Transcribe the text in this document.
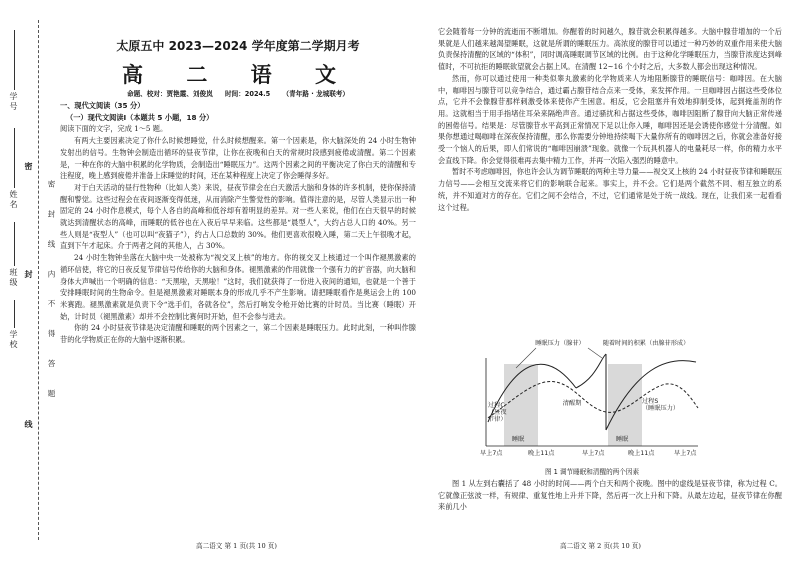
学校
班级
姓名
学号
密
封
线
密 封 线 内 不 得 答 题
太原五中 2023—2024 学年度第二学期月考
高 二 语 文
命题、校对：贾艳霞、刘俊岚 时间：2024.5 （青年路 · 龙城联考）
一、现代文阅读（35 分）
（一）现代文阅读Ⅰ（本题共 5 小题，18 分）

阅读下面的文字，完成 1～5 题。

有两大主要因素决定了你什么时候想睡觉，什么时候想醒来。第一个因素是，你大脑深处的 24 小时生物钟发射出的信号。生物钟会制造出循环的昼夜节律，让你在夜晚和白天的常规时段感到疲倦或清醒。第二个因素是，一种在你的大脑中积累的化学物质，会制造出“睡眠压力”。这两个因素之间的平衡决定了你白天的清醒和专注程度，晚上感到疲倦并准备上床睡觉的时间，还在某种程度上决定了你会睡得多好。

对于白天活动的昼行性物种（比如人类）来说，昼夜节律会在白天激活大脑和身体的许多机制，使你保持清醒和警觉。这些过程会在夜间逐渐变得低迷，从而消除产生警觉性的影响。值得注意的是，尽管人类显示出一种固定的 24 小时作息模式，每个人各自的高峰和低谷却有着明显的差异。对一些人来说，他们在白天很早的时候就达到清醒状态的高峰，而睡眠的低谷也在入夜后早早来临。这些都是“晨型人”，大约占总人口的 40%。另一些人则是“夜型人”（也可以叫“夜猫子”），约占人口总数的 30%。他们更喜欢很晚入睡，第二天上午很晚才起，直到下午才起床。介于两者之间的其他人，占 30%。

24 小时生物钟坐落在大脑中央一处被称为“视交叉上核”的地方。你的视交叉上核通过一个叫作褪黑激素的循环信使，将它的日夜反复节律信号传给你的大脑和身体。褪黑激素的作用就像一个强有力的扩音器，向大脑和身体大声喊出一个明确的信息：“天黑啦，天黑啦！”这时，我们就获得了一份进入夜间的通知，也就是一个善于安排睡眠时间的生物命令。但是褪黑激素对睡眠本身的形成几乎不产生影响。请把睡眠看作是奥运会上的 100 米赛跑。褪黑激素就是负责下令“选手们，各就各位”，然后打响发令枪开始比赛的计时员。当比赛（睡眠）开始，计时员（褪黑激素）却并不会控制比赛何时开始，但不会参与进去。

你的 24 小时昼夜节律是决定清醒和睡眠的两个因素之一，第二个因素是睡眠压力。此时此刻，一种叫作腺苷的化学物质正在你的大脑中逐渐积累。

它会随着每一分钟的流逝而不断增加。你醒着的时间越久，腺苷就会积累得越多。大脑中腺苷增加的一个后果就是人们越来越渴望睡眠，这就是所谓的睡眠压力。高浓度的腺苷可以通过一种巧妙的双重作用来使大脑负责保持清醒的区域的“体积”，同时调高睡眠调节区域的比例。由于这种化学睡眠压力，当腺苷浓度达到峰值时，不可抗拒的睡眠欲望就会占据上风。在清醒 12~16 个小时之后，大多数人都会出现这种情况。

然而，你可以通过使用一种类似睾丸激素的化学物质来人为地阻断腺苷的睡眠信号：咖啡因。在大脑中，咖啡因与腺苷可以竞争结合，通过霸占腺苷结合点来一受体，来发挥作用。一旦咖啡因占据这些受体位点，它并不会像腺苷那样刺激受体来使你产生困意。相反，它会阻塞并有效地抑制受体，起到掩盖剂的作用。这就相当于用手指堵住耳朵来隔绝声音。通过骚扰和占据这些受体，咖啡因阻断了腺苷向大脑正常传递的困倦信号。结果是：尽管腺苷水平高到正常情况下足以让你入睡，咖啡因还是会诱使你感觉十分清醒。如果你想通过喝咖啡在深夜保持清醒，那么你需要分钟地持续喝下大量你所有的咖啡因之后，你就会准备好接受一个恼人的后果，即人们常说的“咖啡因崩溃”现象。就像一个玩具机器人的电量耗尽一样，你的精力水平会直线下降。你会觉得很难再去集中精力工作，并再一次陷入强烈的睡意中。

暂时不考虑咖啡因，你也许会认为调节睡眠的两种主导力量——视交叉上核的 24 小时昼夜节律和睡眠压力信号——会相互交流来将它们的影响联合起来。事实上，并不会。它们是两个截然不同、相互独立的系统，并不知道对方的存在。它们之间不会结合，不过，它们通常是处于统一战线。现在，让我们来一起看看这个过程。

睡眠压力（腺苷）	随着时间的积累（由腺苷形成）
过程C
（昼夜节律）
清醒期	过程S
（睡眠压力）
睡眠	睡眠
早上7点	晚上11点	早上7点	晚上11点	早上7点
图 1 调节睡眠和清醒的两个因素

图 1 从左到右囊括了 48 小时的时间——两个白天和两个夜晚。图中的虚线是昼夜节律，称为过程 C。它就像正弦波一样，有规律、重复性地上升并下降，然后再一次上升和下降。从最左边起，昼夜节律在你醒来前几小

高二语文 第 1 页(共 10 页)	高二语文 第 2 页(共 10 页)
